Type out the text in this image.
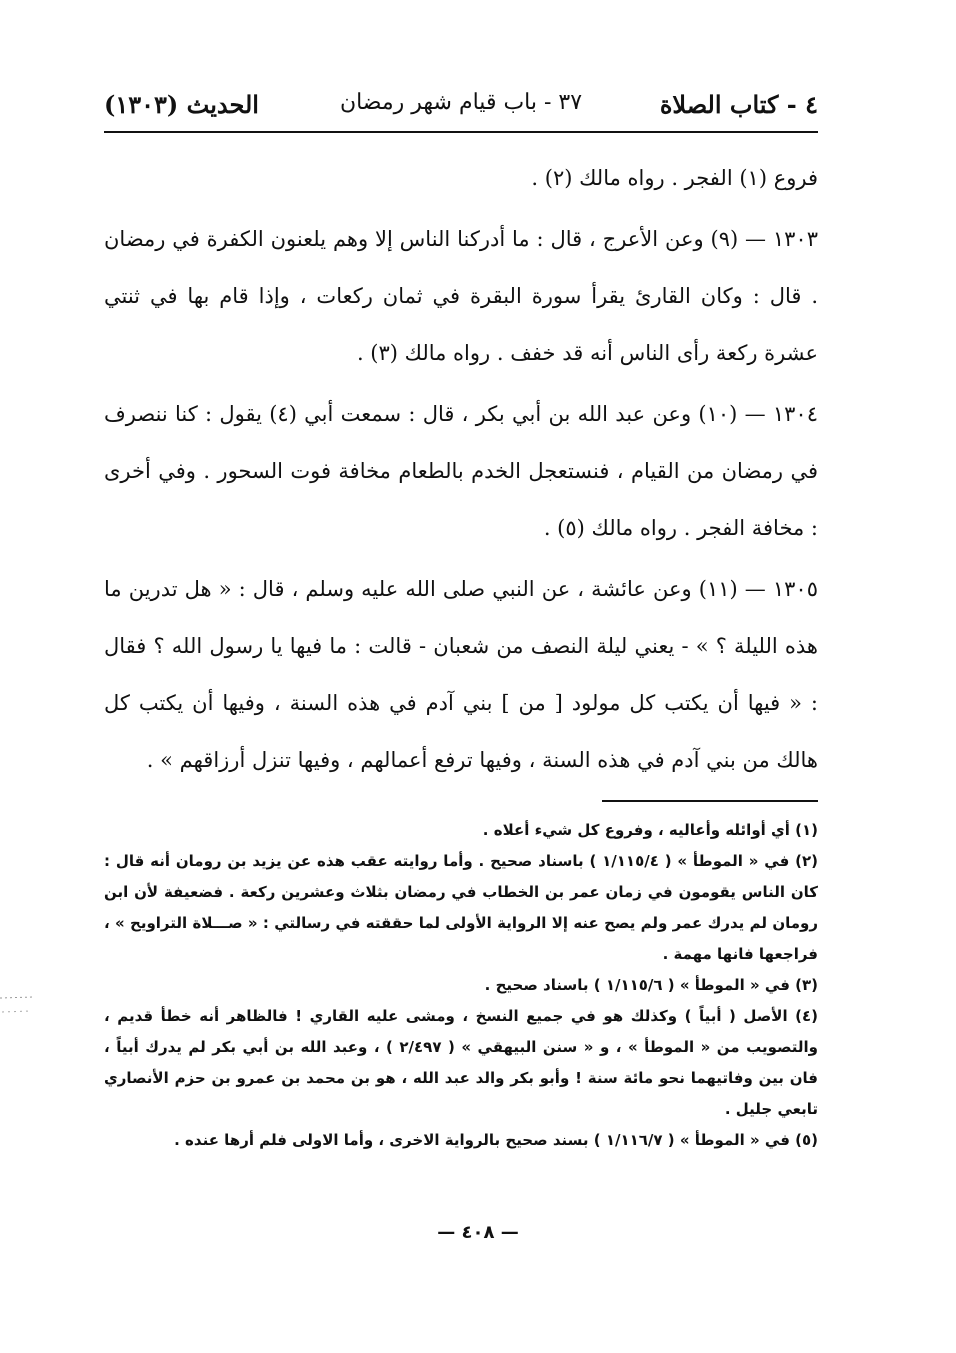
٤ - كتاب الصلاة
٣٧ - باب قيام شهر رمضان
الحديث (١٣٠٣)

فروع (١) الفجر . رواه مالك (٢) .

١٣٠٣ — (٩) وعن الأعرج ، قال : ما أدركنا الناس إلا وهم يلعنون الكفرة في رمضان . قال : وكان القارئ يقرأ سورة البقرة في ثمان ركعات ، وإذا قام بها في ثنتي عشرة ركعة رأى الناس أنه قد خفف . رواه مالك (٣) .

١٣٠٤ — (١٠) وعن عبد الله بن أبي بكر ، قال : سمعت أبي (٤) يقول : كنا ننصرف في رمضان من القيام ، فنستعجل الخدم بالطعام مخافة فوت السحور . وفي أخرى : مخافة الفجر . رواه مالك (٥) .

١٣٠٥ — (١١) وعن عائشة ، عن النبي صلى الله عليه وسلم ، قال : « هل تدرين ما هذه الليلة ؟ » - يعني ليلة النصف من شعبان - قالت : ما فيها يا رسول الله ؟ فقال : « فيها أن يكتب كل مولود [ من ] بني آدم في هذه السنة ، وفيها أن يكتب كل هالك من بني آدم في هذه السنة ، وفيها ترفع أعمالهم ، وفيها تنزل أرزاقهم » .

(١) أي أوائله وأعاليه ، وفروع كل شيء أعلاه .

(٢) في « الموطأ » ( ١/١١٥/٤ ) باسناد صحيح . وأما روايته عقب هذه عن يزيد بن رومان أنه قال : كان الناس يقومون في زمان عمر بن الخطاب في رمضان بثلاث وعشرين ركعة . فضعيفة لأن ابن رومان لم يدرك عمر ولم يصح عنه إلا الرواية الأولى لما حققته في رسالتي : « صـــلاة التراويح » ، فراجعها فانها مهمة .

(٣) في « الموطأ » ( ١/١١٥/٦ ) باسناد صحيح .

(٤) الأصل ( أبياً ) وكذلك هو في جميع النسخ ، ومشى عليه القاري ! فالظاهر أنه خطأ قديم ، والتصويب من « الموطأ » ، و « سنن البيهقي » ( ٢/٤٩٧ ) ، وعبد الله بن أبي بكر لم يدرك أبياً ، فان بين وفاتيهما نحو مائة سنة ! وأبو بكر والد عبد الله ، هو بن محمد بن عمرو بن حزم الأنصاري تابعي جليل .

(٥) في « الموطأ » ( ١/١١٦/٧ ) بسند صحيح بالرواية الاخرى ، وأما الاولى فلم أرها عنده .

— ٤٠٨ —
